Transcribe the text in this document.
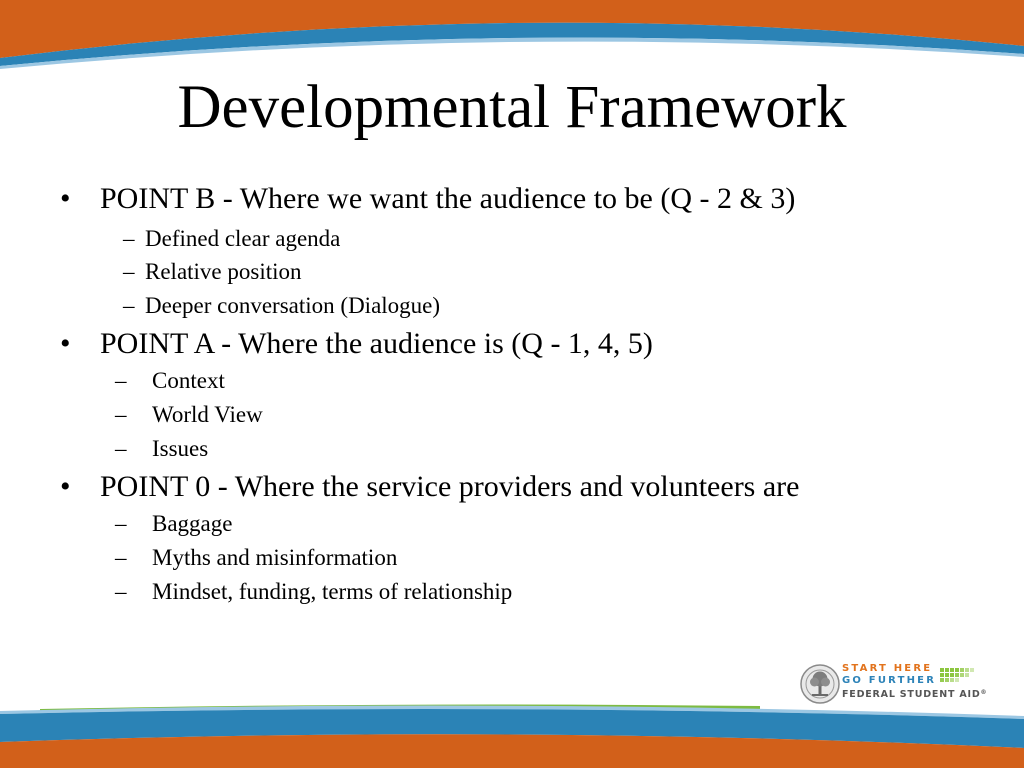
Developmental Framework
• POINT B - Where we want the audience to be (Q - 2 & 3)
– Defined clear agenda
– Relative position
– Deeper conversation (Dialogue)
• POINT A - Where the audience is (Q - 1, 4, 5)
– Context
– World View
– Issues
• POINT 0 - Where the service providers and volunteers are
– Baggage
– Myths and misinformation
– Mindset, funding, terms of relationship
START HERE
GO FURTHER
FEDERAL STUDENT AID®
